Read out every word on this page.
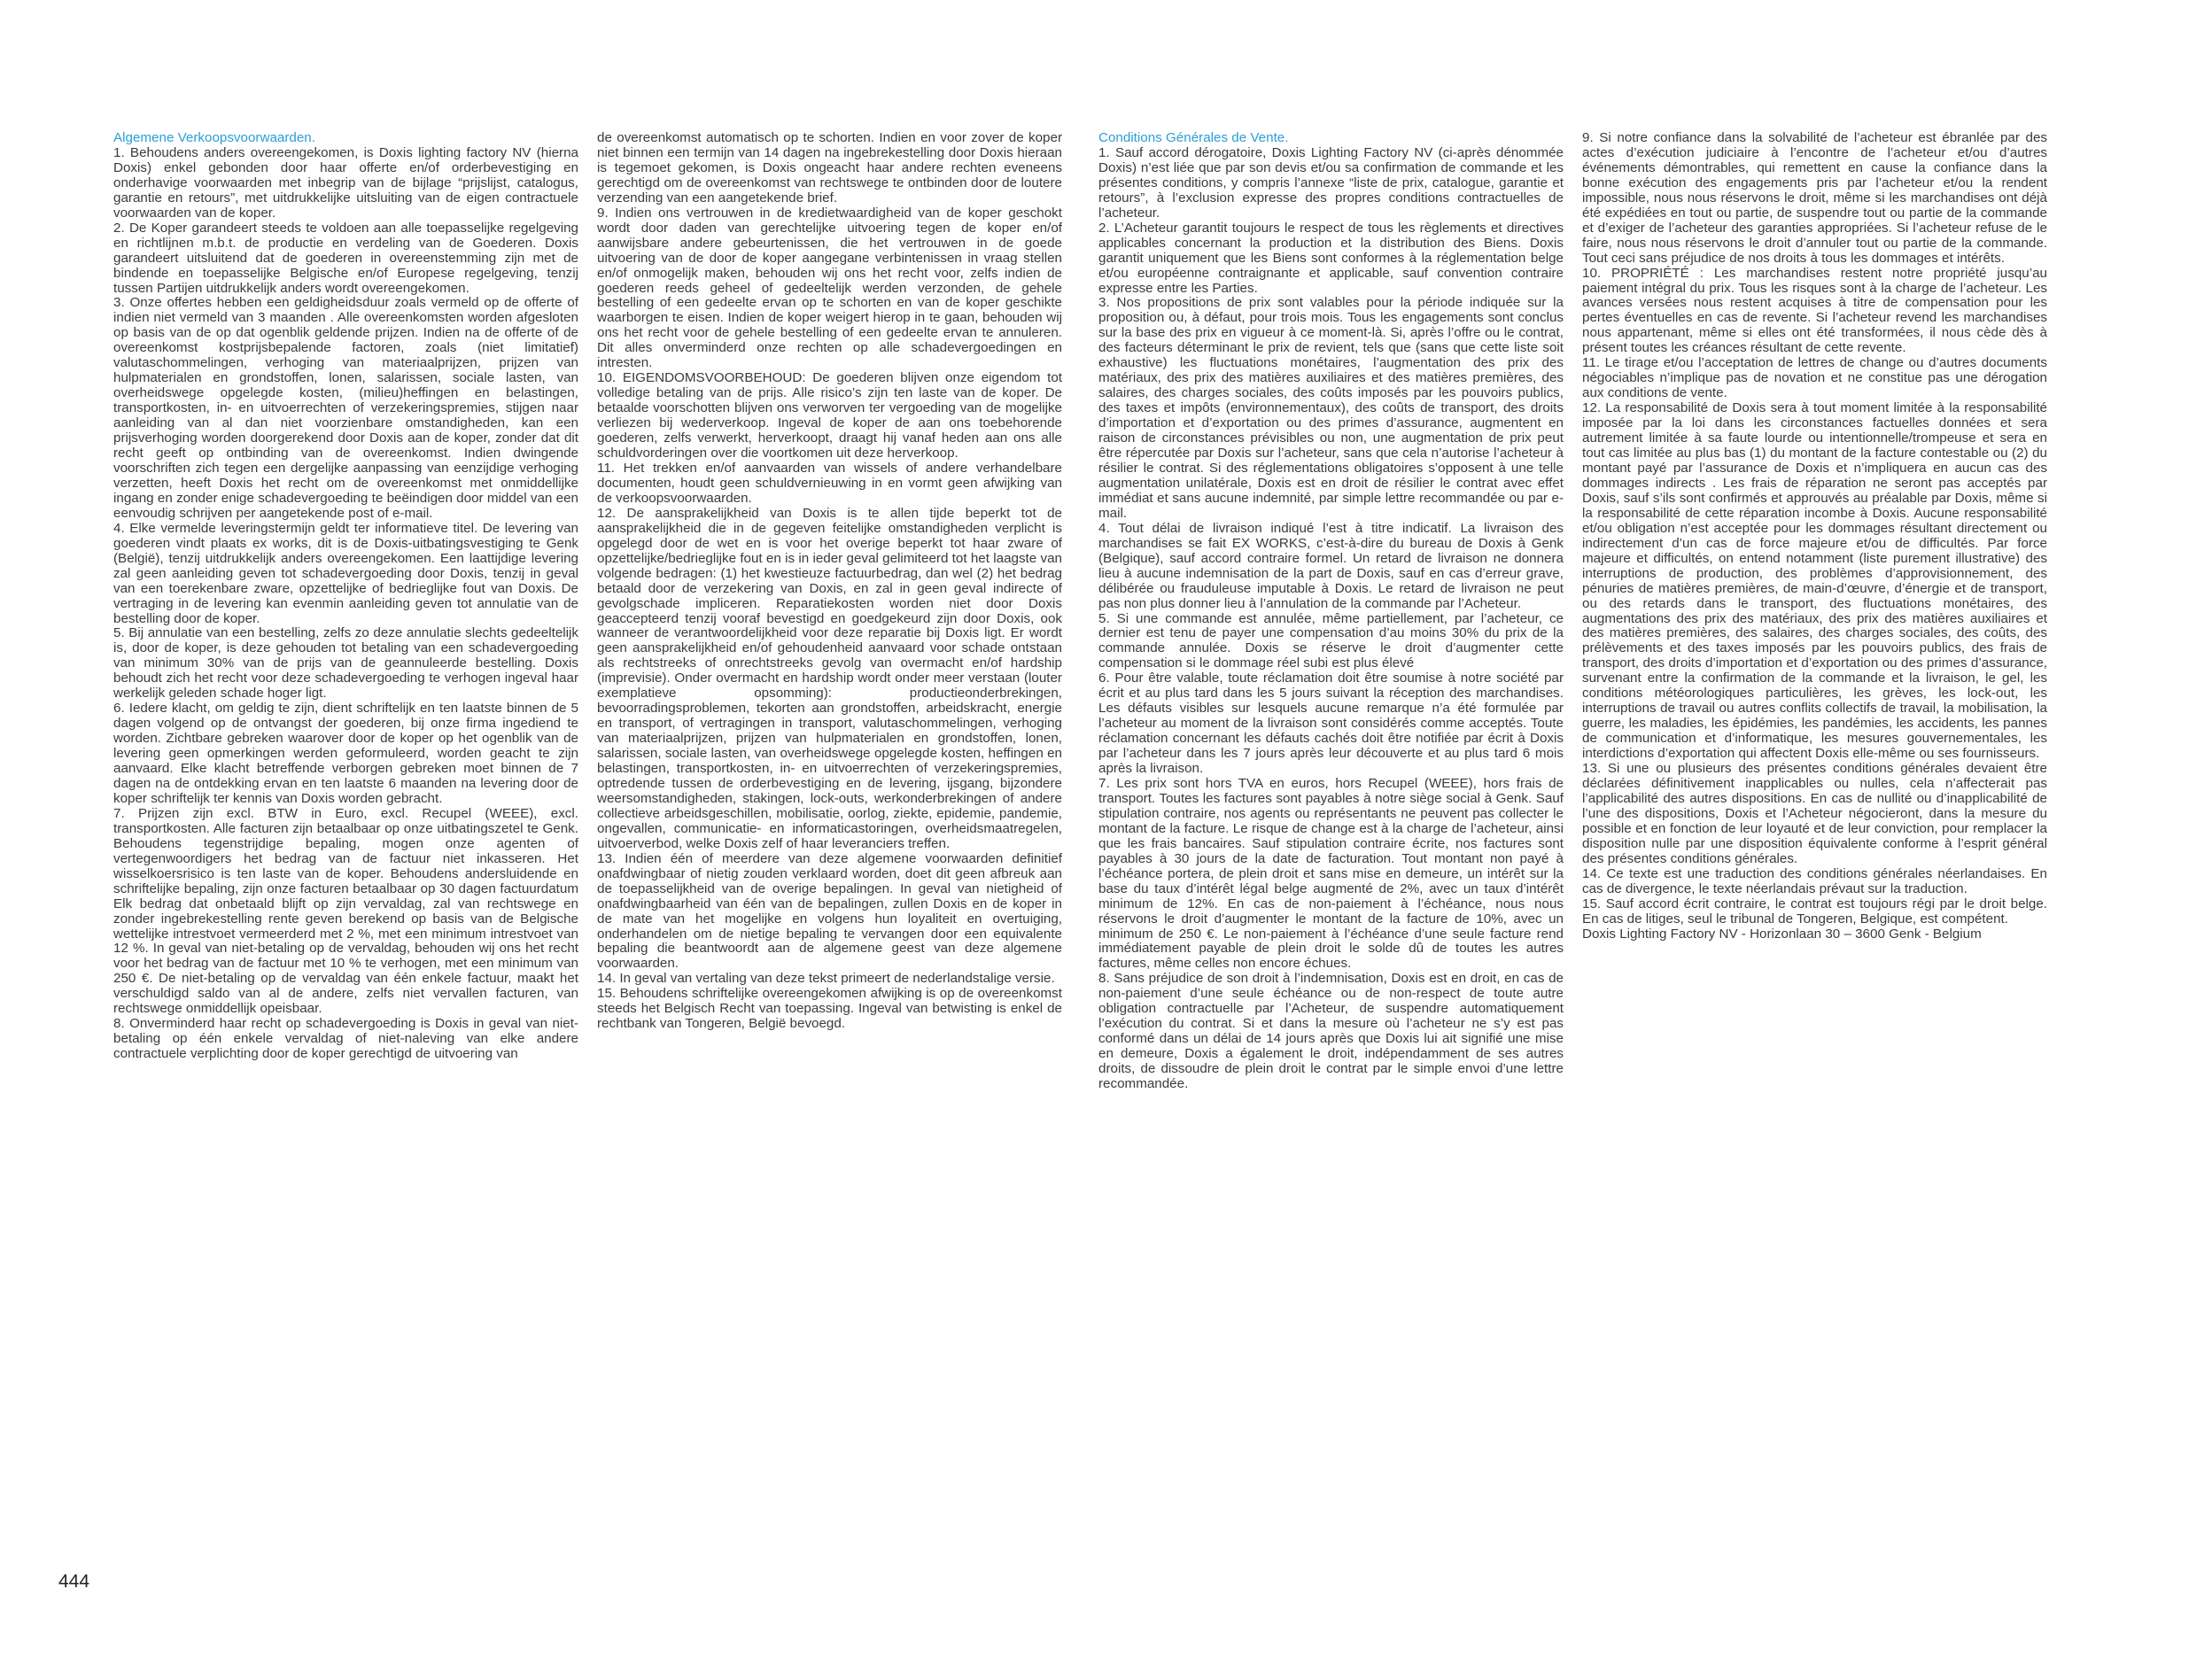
Algemene Verkoopsvoorwaarden.

1. Behoudens anders overeengekomen, is Doxis lighting factory NV (hierna Doxis) enkel gebonden door haar offerte en/of orderbevestiging en onderhavige voorwaarden met inbegrip van de bijlage “prijslijst, catalogus, garantie en retours”, met uitdrukkelijke uitsluiting van de eigen contractuele voorwaarden van de koper.

2. De Koper garandeert steeds te voldoen aan alle toepasselijke regelgeving en richtlijnen m.b.t. de productie en verdeling van de Goederen. Doxis garandeert uitsluitend dat de goederen in overeenstemming zijn met de bindende en toepasselijke Belgische en/of Europese regelgeving, tenzij tussen Partijen uitdrukkelijk anders wordt overeengekomen.

3. Onze offertes hebben een geldigheidsduur zoals vermeld op de offerte of indien niet vermeld van 3 maanden . Alle overeenkomsten worden afgesloten op basis van de op dat ogenblik geldende prijzen. Indien na de offerte of de overeenkomst kostprijsbepalende factoren, zoals (niet limitatief) valutaschommelingen, verhoging van materiaalprijzen, prijzen van hulpmaterialen en grondstoffen, lonen, salarissen, sociale lasten, van overheidswege opgelegde kosten, (milieu)heffingen en belastingen, transportkosten, in- en uitvoerrechten of verzekeringspremies, stijgen naar aanleiding van al dan niet voorzienbare omstandigheden, kan een prijsverhoging worden doorgerekend door Doxis aan de koper, zonder dat dit recht geeft op ontbinding van de overeenkomst. Indien dwingende voorschriften zich tegen een dergelijke aanpassing van eenzijdige verhoging verzetten, heeft Doxis het recht om de overeenkomst met onmiddellijke ingang en zonder enige schadevergoeding te beëindigen door middel van een eenvoudig schrijven per aangetekende post of e-mail.

4. Elke vermelde leveringstermijn geldt ter informatieve titel. De levering van goederen vindt plaats ex works, dit is de Doxis-uitbatingsvestiging te Genk (België), tenzij uitdrukkelijk anders overeengekomen. Een laattijdige levering zal geen aanleiding geven tot schadevergoeding door Doxis, tenzij in geval van een toerekenbare zware, opzettelijke of bedrieglijke fout van Doxis. De vertraging in de levering kan evenmin aanleiding geven tot annulatie van de bestelling door de koper.

5. Bij annulatie van een bestelling, zelfs zo deze annulatie slechts gedeeltelijk is, door de koper, is deze gehouden tot betaling van een schadevergoeding van minimum 30% van de prijs van de geannuleerde bestelling. Doxis behoudt zich het recht voor deze schadevergoeding te verhogen ingeval haar werkelijk geleden schade hoger ligt.

6. Iedere klacht, om geldig te zijn, dient schriftelijk en ten laatste binnen de 5 dagen volgend op de ontvangst der goederen, bij onze firma ingediend te worden. Zichtbare gebreken waarover door de koper op het ogenblik van de levering geen opmerkingen werden geformuleerd, worden geacht te zijn aanvaard. Elke klacht betreffende verborgen gebreken moet binnen de 7 dagen na de ontdekking ervan en ten laatste 6 maanden na levering door de koper schriftelijk ter kennis van Doxis worden gebracht.

7. Prijzen zijn excl. BTW in Euro, excl. Recupel (WEEE), excl. transportkosten. Alle facturen zijn betaalbaar op onze uitbatingszetel te Genk. Behoudens tegenstrijdige bepaling, mogen onze agenten of vertegenwoordigers het bedrag van de factuur niet inkasseren. Het wisselkoersrisico is ten laste van de koper. Behoudens andersluidende en schriftelijke bepaling, zijn onze facturen betaalbaar op 30 dagen factuurdatum Elk bedrag dat onbetaald blijft op zijn vervaldag, zal van rechtswege en zonder ingebrekestelling rente geven berekend op basis van de Belgische wettelijke intrestvoet vermeerderd met 2 %, met een minimum intrestvoet van 12 %. In geval van niet-betaling op de vervaldag, behouden wij ons het recht voor het bedrag van de factuur met 10 % te verhogen, met een minimum van 250 €. De niet-betaling op de vervaldag van één enkele factuur, maakt het verschuldigd saldo van al de andere, zelfs niet vervallen facturen, van rechtswege onmiddellijk opeisbaar.

8. Onverminderd haar recht op schadevergoeding is Doxis in geval van niet-betaling op één enkele vervaldag of niet-naleving van elke andere contractuele verplichting door de koper gerechtigd de uitvoering van

de overeenkomst automatisch op te schorten. Indien en voor zover de koper niet binnen een termijn van 14 dagen na ingebrekestelling door Doxis hieraan is tegemoet gekomen, is Doxis ongeacht haar andere rechten eveneens gerechtigd om de overeenkomst van rechtswege te ontbinden door de loutere verzending van een aangetekende brief.

9. Indien ons vertrouwen in de kredietwaardigheid van de koper geschokt wordt door daden van gerechtelijke uitvoering tegen de koper en/of aanwijsbare andere gebeurtenissen, die het vertrouwen in de goede uitvoering van de door de koper aangegane verbintenissen in vraag stellen en/of onmogelijk maken, behouden wij ons het recht voor, zelfs indien de goederen reeds geheel of gedeeltelijk werden verzonden, de gehele bestelling of een gedeelte ervan op te schorten en van de koper geschikte waarborgen te eisen. Indien de koper weigert hierop in te gaan, behouden wij ons het recht voor de gehele bestelling of een gedeelte ervan te annuleren. Dit alles onverminderd onze rechten op alle schadevergoedingen en intresten.

10. EIGENDOMSVOORBEHOUD: De goederen blijven onze eigendom tot volledige betaling van de prijs. Alle risico’s zijn ten laste van de koper. De betaalde voorschotten blijven ons verworven ter vergoeding van de mogelijke verliezen bij wederverkoop. Ingeval de koper de aan ons toebehorende goederen, zelfs verwerkt, herverkoopt, draagt hij vanaf heden aan ons alle schuldvorderingen over die voortkomen uit deze herverkoop.

11. Het trekken en/of aanvaarden van wissels of andere verhandelbare documenten, houdt geen schuldvernieuwing in en vormt geen afwijking van de verkoopsvoorwaarden.

12. De aansprakelijkheid van Doxis is te allen tijde beperkt tot de aansprakelijkheid die in de gegeven feitelijke omstandigheden verplicht is opgelegd door de wet en is voor het overige beperkt tot haar zware of opzettelijke/bedrieglijke fout en is in ieder geval gelimiteerd tot het laagste van volgende bedragen: (1) het kwestieuze factuurbedrag, dan wel (2) het bedrag betaald door de verzekering van Doxis, en zal in geen geval indirecte of gevolgschade impliceren. Reparatiekosten worden niet door Doxis geaccepteerd tenzij vooraf bevestigd en goedgekeurd zijn door Doxis, ook wanneer de verantwoordelijkheid voor deze reparatie bij Doxis ligt. Er wordt geen aansprakelijkheid en/of gehoudenheid aanvaard voor schade ontstaan als rechtstreeks of onrechtstreeks gevolg van overmacht en/of hardship (imprevisie). Onder overmacht en hardship wordt onder meer verstaan (louter exemplatieve opsomming): productieonderbrekingen, bevoorradingsproblemen, tekorten aan grondstoffen, arbeidskracht, energie en transport, of vertragingen in transport, valutaschommelingen, verhoging van materiaalprijzen, prijzen van hulpmaterialen en grondstoffen, lonen, salarissen, sociale lasten, van overheidswege opgelegde kosten, heffingen en belastingen, transportkosten, in- en uitvoerrechten of verzekeringspremies, optredende tussen de orderbevestiging en de levering, ijsgang, bijzondere weersomstandigheden, stakingen, lock-outs, werkonderbrekingen of andere collectieve arbeidsgeschillen, mobilisatie, oorlog, ziekte, epidemie, pandemie, ongevallen, communicatie- en informaticastoringen, overheidsmaatregelen, uitvoerverbod, welke Doxis zelf of haar leveranciers treffen.

13. Indien één of meerdere van deze algemene voorwaarden definitief onafdwingbaar of nietig zouden verklaard worden, doet dit geen afbreuk aan de toepasselijkheid van de overige bepalingen. In geval van nietigheid of onafdwingbaarheid van één van de bepalingen, zullen Doxis en de koper in de mate van het mogelijke en volgens hun loyaliteit en overtuiging, onderhandelen om de nietige bepaling te vervangen door een equivalente bepaling die beantwoordt aan de algemene geest van deze algemene voorwaarden.

14. In geval van vertaling van deze tekst primeert de nederlandstalige versie.

15. Behoudens schriftelijke overeengekomen afwijking is op de overeenkomst steeds het Belgisch Recht van toepassing. Ingeval van betwisting is enkel de rechtbank van Tongeren, België bevoegd.

Conditions Générales de Vente.

1. Sauf accord dérogatoire, Doxis Lighting Factory NV (ci-après dénommée Doxis) n’est liée que par son devis et/ou sa confirmation de commande et les présentes conditions, y compris l’annexe “liste de prix, catalogue, garantie et retours”, à l’exclusion expresse des propres conditions contractuelles de l’acheteur.

2. L’Acheteur garantit toujours le respect de tous les règlements et directives applicables concernant la production et la distribution des Biens. Doxis garantit uniquement que les Biens sont conformes à la réglementation belge et/ou européenne contraignante et applicable, sauf convention contraire expresse entre les Parties.

3. Nos propositions de prix sont valables pour la période indiquée sur la proposition ou, à défaut, pour trois mois. Tous les engagements sont conclus sur la base des prix en vigueur à ce moment-là. Si, après l’offre ou le contrat, des facteurs déterminant le prix de revient, tels que (sans que cette liste soit exhaustive) les fluctuations monétaires, l’augmentation des prix des matériaux, des prix des matières auxiliaires et des matières premières, des salaires, des charges sociales, des coûts imposés par les pouvoirs publics, des taxes et impôts (environnementaux), des coûts de transport, des droits d’importation et d’exportation ou des primes d’assurance, augmentent en raison de circonstances prévisibles ou non, une augmentation de prix peut être répercutée par Doxis sur l’acheteur, sans que cela n’autorise l’acheteur à résilier le contrat. Si des réglementations obligatoires s’opposent à une telle augmentation unilatérale, Doxis est en droit de résilier le contrat avec effet immédiat et sans aucune indemnité, par simple lettre recommandée ou par e-mail.

4. Tout délai de livraison indiqué l’est à titre indicatif. La livraison des marchandises se fait EX WORKS, c’est-à-dire du bureau de Doxis à Genk (Belgique), sauf accord contraire formel. Un retard de livraison ne donnera lieu à aucune indemnisation de la part de Doxis, sauf en cas d’erreur grave, délibérée ou frauduleuse imputable à Doxis. Le retard de livraison ne peut pas non plus donner lieu à l’annulation de la commande par l’Acheteur.

5. Si une commande est annulée, même partiellement, par l’acheteur, ce dernier est tenu de payer une compensation d’au moins 30% du prix de la commande annulée. Doxis se réserve le droit d’augmenter cette compensation si le dommage réel subi est plus élevé

6. Pour être valable, toute réclamation doit être soumise à notre société par écrit et au plus tard dans les 5 jours suivant la réception des marchandises. Les défauts visibles sur lesquels aucune remarque n’a été formulée par l’acheteur au moment de la livraison sont considérés comme acceptés. Toute réclamation concernant les défauts cachés doit être notifiée par écrit à Doxis par l’acheteur dans les 7 jours après leur découverte et au plus tard 6 mois après la livraison.

7. Les prix sont hors TVA en euros, hors Recupel (WEEE), hors frais de transport. Toutes les factures sont payables à notre siège social à Genk. Sauf stipulation contraire, nos agents ou représentants ne peuvent pas collecter le montant de la facture. Le risque de change est à la charge de l’acheteur, ainsi que les frais bancaires. Sauf stipulation contraire écrite, nos factures sont payables à 30 jours de la date de facturation. Tout montant non payé à l’échéance portera, de plein droit et sans mise en demeure, un intérêt sur la base du taux d’intérêt légal belge augmenté de 2%, avec un taux d’intérêt minimum de 12%. En cas de non-paiement à l’échéance, nous nous réservons le droit d’augmenter le montant de la facture de 10%, avec un minimum de 250 €. Le non-paiement à l’échéance d’une seule facture rend immédiatement payable de plein droit le solde dû de toutes les autres factures, même celles non encore échues.

8. Sans préjudice de son droit à l’indemnisation, Doxis est en droit, en cas de non-paiement d’une seule échéance ou de non-respect de toute autre obligation contractuelle par l’Acheteur, de suspendre automatiquement l’exécution du contrat. Si et dans la mesure où l’acheteur ne s’y est pas conformé dans un délai de 14 jours après que Doxis lui ait signifié une mise en demeure, Doxis a également le droit, indépendamment de ses autres droits, de dissoudre de plein droit le contrat par le simple envoi d’une lettre recommandée.

9. Si notre confiance dans la solvabilité de l’acheteur est ébranlée par des actes d’exécution judiciaire à l’encontre de l’acheteur et/ou d’autres événements démontrables, qui remettent en cause la confiance dans la bonne exécution des engagements pris par l’acheteur et/ou la rendent impossible, nous nous réservons le droit, même si les marchandises ont déjà été expédiées en tout ou partie, de suspendre tout ou partie de la commande et d’exiger de l’acheteur des garanties appropriées. Si l’acheteur refuse de le faire, nous nous réservons le droit d’annuler tout ou partie de la commande. Tout ceci sans préjudice de nos droits à tous les dommages et intérêts.

10. PROPRIÉTÉ : Les marchandises restent notre propriété jusqu’au paiement intégral du prix. Tous les risques sont à la charge de l’acheteur. Les avances versées nous restent acquises à titre de compensation pour les pertes éventuelles en cas de revente. Si l’acheteur revend les marchandises nous appartenant, même si elles ont été transformées, il nous cède dès à présent toutes les créances résultant de cette revente.

11. Le tirage et/ou l’acceptation de lettres de change ou d’autres documents négociables n’implique pas de novation et ne constitue pas une dérogation aux conditions de vente.

12. La responsabilité de Doxis sera à tout moment limitée à la responsabilité imposée par la loi dans les circonstances factuelles données et sera autrement limitée à sa faute lourde ou intentionnelle/trompeuse et sera en tout cas limitée au plus bas (1) du montant de la facture contestable ou (2) du montant payé par l’assurance de Doxis et n’impliquera en aucun cas des dommages indirects . Les frais de réparation ne seront pas acceptés par Doxis, sauf s’ils sont confirmés et approuvés au préalable par Doxis, même si la responsabilité de cette réparation incombe à Doxis. Aucune responsabilité et/ou obligation n’est acceptée pour les dommages résultant directement ou indirectement d’un cas de force majeure et/ou de difficultés. Par force majeure et difficultés, on entend notamment (liste purement illustrative) des interruptions de production, des problèmes d’approvisionnement, des pénuries de matières premières, de main-d’œuvre, d’énergie et de transport, ou des retards dans le transport, des fluctuations monétaires, des augmentations des prix des matériaux, des prix des matières auxiliaires et des matières premières, des salaires, des charges sociales, des coûts, des prélèvements et des taxes imposés par les pouvoirs publics, des frais de transport, des droits d’importation et d’exportation ou des primes d’assurance, survenant entre la confirmation de la commande et la livraison, le gel, les conditions météorologiques particulières, les grèves, les lock-out, les interruptions de travail ou autres conflits collectifs de travail, la mobilisation, la guerre, les maladies, les épidémies, les pandémies, les accidents, les pannes de communication et d’informatique, les mesures gouvernementales, les interdictions d’exportation qui affectent Doxis elle-même ou ses fournisseurs.

13. Si une ou plusieurs des présentes conditions générales devaient être déclarées définitivement inapplicables ou nulles, cela n’affecterait pas l’applicabilité des autres dispositions. En cas de nullité ou d’inapplicabilité de l’une des dispositions, Doxis et l’Acheteur négocieront, dans la mesure du possible et en fonction de leur loyauté et de leur conviction, pour remplacer la disposition nulle par une disposition équivalente conforme à l’esprit général des présentes conditions générales.

14. Ce texte est une traduction des conditions générales néerlandaises. En cas de divergence, le texte néerlandais prévaut sur la traduction.

15. Sauf accord écrit contraire, le contrat est toujours régi par le droit belge. En cas de litiges, seul le tribunal de Tongeren, Belgique, est compétent.

Doxis Lighting Factory NV - Horizonlaan 30 – 3600 Genk - Belgium

444
